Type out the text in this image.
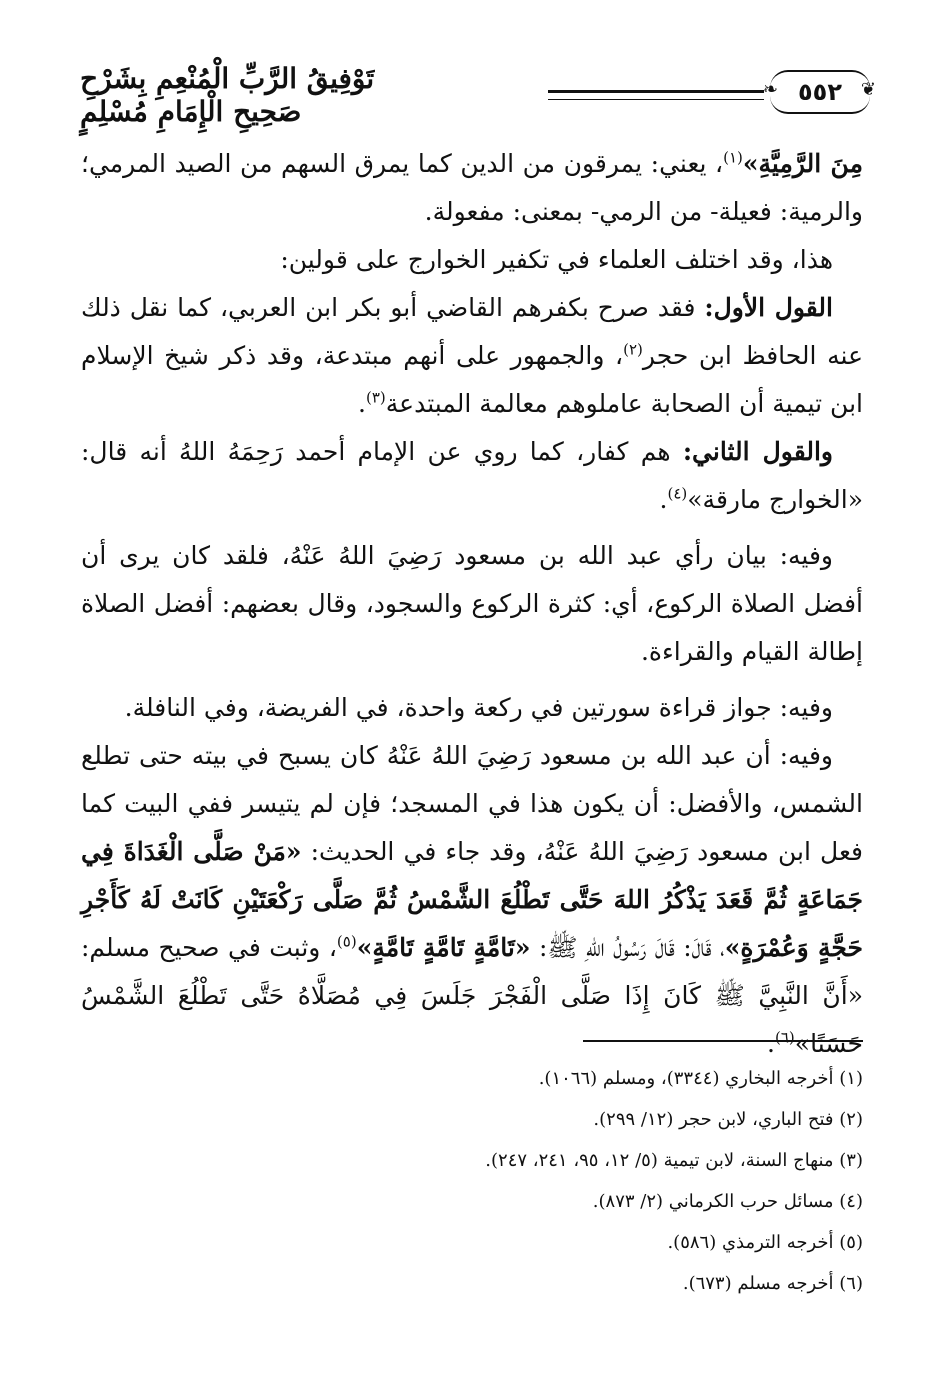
❦
٥٥٢
❧
تَوْفِيقُ الرَّبِّ الْمُنْعِمِ بِشَرْحِ صَحِيحِ الْإِمَامِ مُسْلِمٍ

مِنَ الرَّمِيَّةِ»$^{(١)}$، يعني: يمرقون من الدين كما يمرق السهم من الصيد المرمي؛ والرمية: فعيلة- من الرمي- بمعنى: مفعولة.

هذا، وقد اختلف العلماء في تكفير الخوارج على قولين:

القول الأول: فقد صرح بكفرهم القاضي أبو بكر ابن العربي، كما نقل ذلك عنه الحافظ ابن حجر$^{(٢)}$، والجمهور على أنهم مبتدعة، وقد ذكر شيخ الإسلام ابن تيمية أن الصحابة عاملوهم معالمة المبتدعة$^{(٣)}$.

والقول الثاني: هم كفار، كما روي عن الإمام أحمد رَحِمَهُ اللهُ أنه قال: «الخوارج مارقة»$^{(٤)}$.

وفيه: بيان رأي عبد الله بن مسعود رَضِيَ اللهُ عَنْهُ، فلقد كان يرى أن أفضل الصلاة الركوع، أي: كثرة الركوع والسجود، وقال بعضهم: أفضل الصلاة إطالة القيام والقراءة.

وفيه: جواز قراءة سورتين في ركعة واحدة، في الفريضة، وفي النافلة.

وفيه: أن عبد الله بن مسعود رَضِيَ اللهُ عَنْهُ كان يسبح في بيته حتى تطلع الشمس، والأفضل: أن يكون هذا في المسجد؛ فإن لم يتيسر ففي البيت كما فعل ابن مسعود رَضِيَ اللهُ عَنْهُ، وقد جاء في الحديث: «مَنْ صَلَّى الْغَدَاةَ فِي جَمَاعَةٍ ثُمَّ قَعَدَ يَذْكُرُ اللهَ حَتَّى تَطْلُعَ الشَّمْسُ ثُمَّ صَلَّى رَكْعَتَيْنِ كَانَتْ لَهُ كَأَجْرِ حَجَّةٍ وَعُمْرَةٍ»، قَالَ: قَالَ رَسُولُ اللهِ ﷺ: «تَامَّةٍ تَامَّةٍ تَامَّةٍ»$^{(٥)}$، وثبت في صحيح مسلم: «أَنَّ النَّبِيَّ ﷺ كَانَ إِذَا صَلَّى الْفَجْرَ جَلَسَ فِي مُصَلَّاهُ حَتَّى تَطْلُعَ الشَّمْسُ حَسَنًا»$^{(٦)}$.

(١) أخرجه البخاري (٣٣٤٤)، ومسلم (١٠٦٦).
(٢) فتح الباري، لابن حجر (١٢/ ٢٩٩).
(٣) منهاج السنة، لابن تيمية (٥/ ١٢، ٩٥، ٢٤١، ٢٤٧).
(٤) مسائل حرب الكرماني (٢/ ٨٧٣).
(٥) أخرجه الترمذي (٥٨٦).
(٦) أخرجه مسلم (٦٧٣).
